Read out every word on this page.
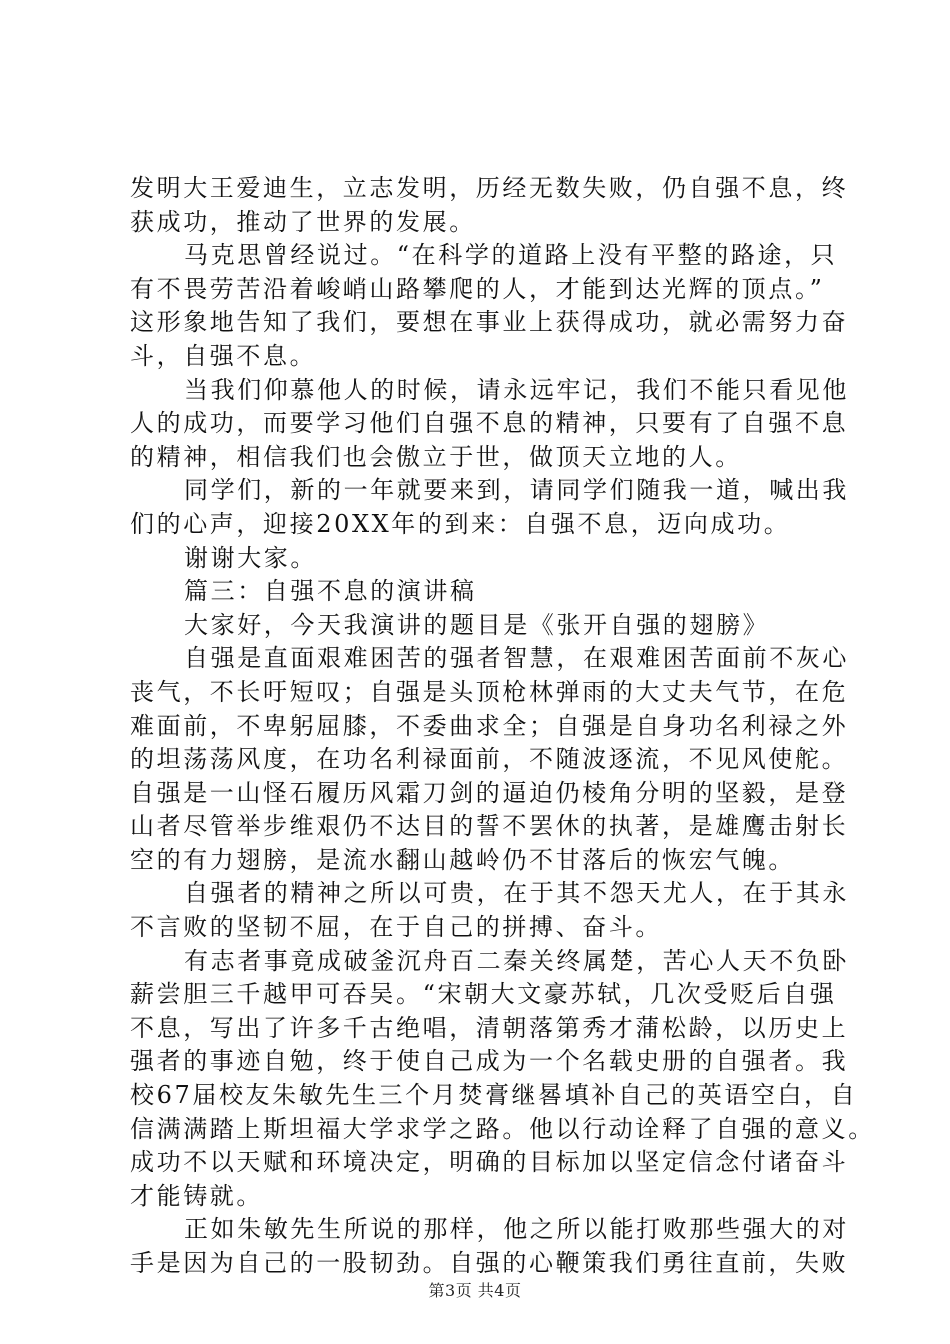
发明大王爱迪生，立志发明，历经无数失败，仍自强不息，终

获成功，推动了世界的发展。

马克思曾经说过。“在科学的道路上没有平整的路途，只

有不畏劳苦沿着峻峭山路攀爬的人，才能到达光辉的顶点。”

这形象地告知了我们，要想在事业上获得成功，就必需努力奋

斗，自强不息。

当我们仰慕他人的时候，请永远牢记，我们不能只看见他

人的成功，而要学习他们自强不息的精神，只要有了自强不息

的精神，相信我们也会傲立于世，做顶天立地的人。

同学们，新的一年就要来到，请同学们随我一道，喊出我

们的心声，迎接20XX年的到来：自强不息，迈向成功。

谢谢大家。

篇三：自强不息的演讲稿

大家好，今天我演讲的题目是《张开自强的翅膀》

自强是直面艰难困苦的强者智慧，在艰难困苦面前不灰心

丧气，不长吁短叹；自强是头顶枪林弹雨的大丈夫气节，在危

难面前，不卑躬屈膝，不委曲求全；自强是自身功名利禄之外

的坦荡荡风度，在功名利禄面前，不随波逐流，不见风使舵。

自强是一山怪石履历风霜刀剑的逼迫仍棱角分明的坚毅，是登

山者尽管举步维艰仍不达目的誓不罢休的执著，是雄鹰击射长

空的有力翅膀，是流水翻山越岭仍不甘落后的恢宏气魄。

自强者的精神之所以可贵，在于其不怨天尤人，在于其永

不言败的坚韧不屈，在于自己的拼搏、奋斗。

有志者事竟成破釜沉舟百二秦关终属楚，苦心人天不负卧

薪尝胆三千越甲可吞吴。“宋朝大文豪苏轼，几次受贬后自强

不息，写出了许多千古绝唱，清朝落第秀才蒲松龄，以历史上

强者的事迹自勉，终于使自己成为一个名载史册的自强者。我

校67届校友朱敏先生三个月焚膏继晷填补自己的英语空白，自

信满满踏上斯坦福大学求学之路。他以行动诠释了自强的意义。

成功不以天赋和环境决定，明确的目标加以坚定信念付诸奋斗

才能铸就。

正如朱敏先生所说的那样，他之所以能打败那些强大的对

手是因为自己的一股韧劲。自强的心鞭策我们勇往直前，失败

第3页 共4页
